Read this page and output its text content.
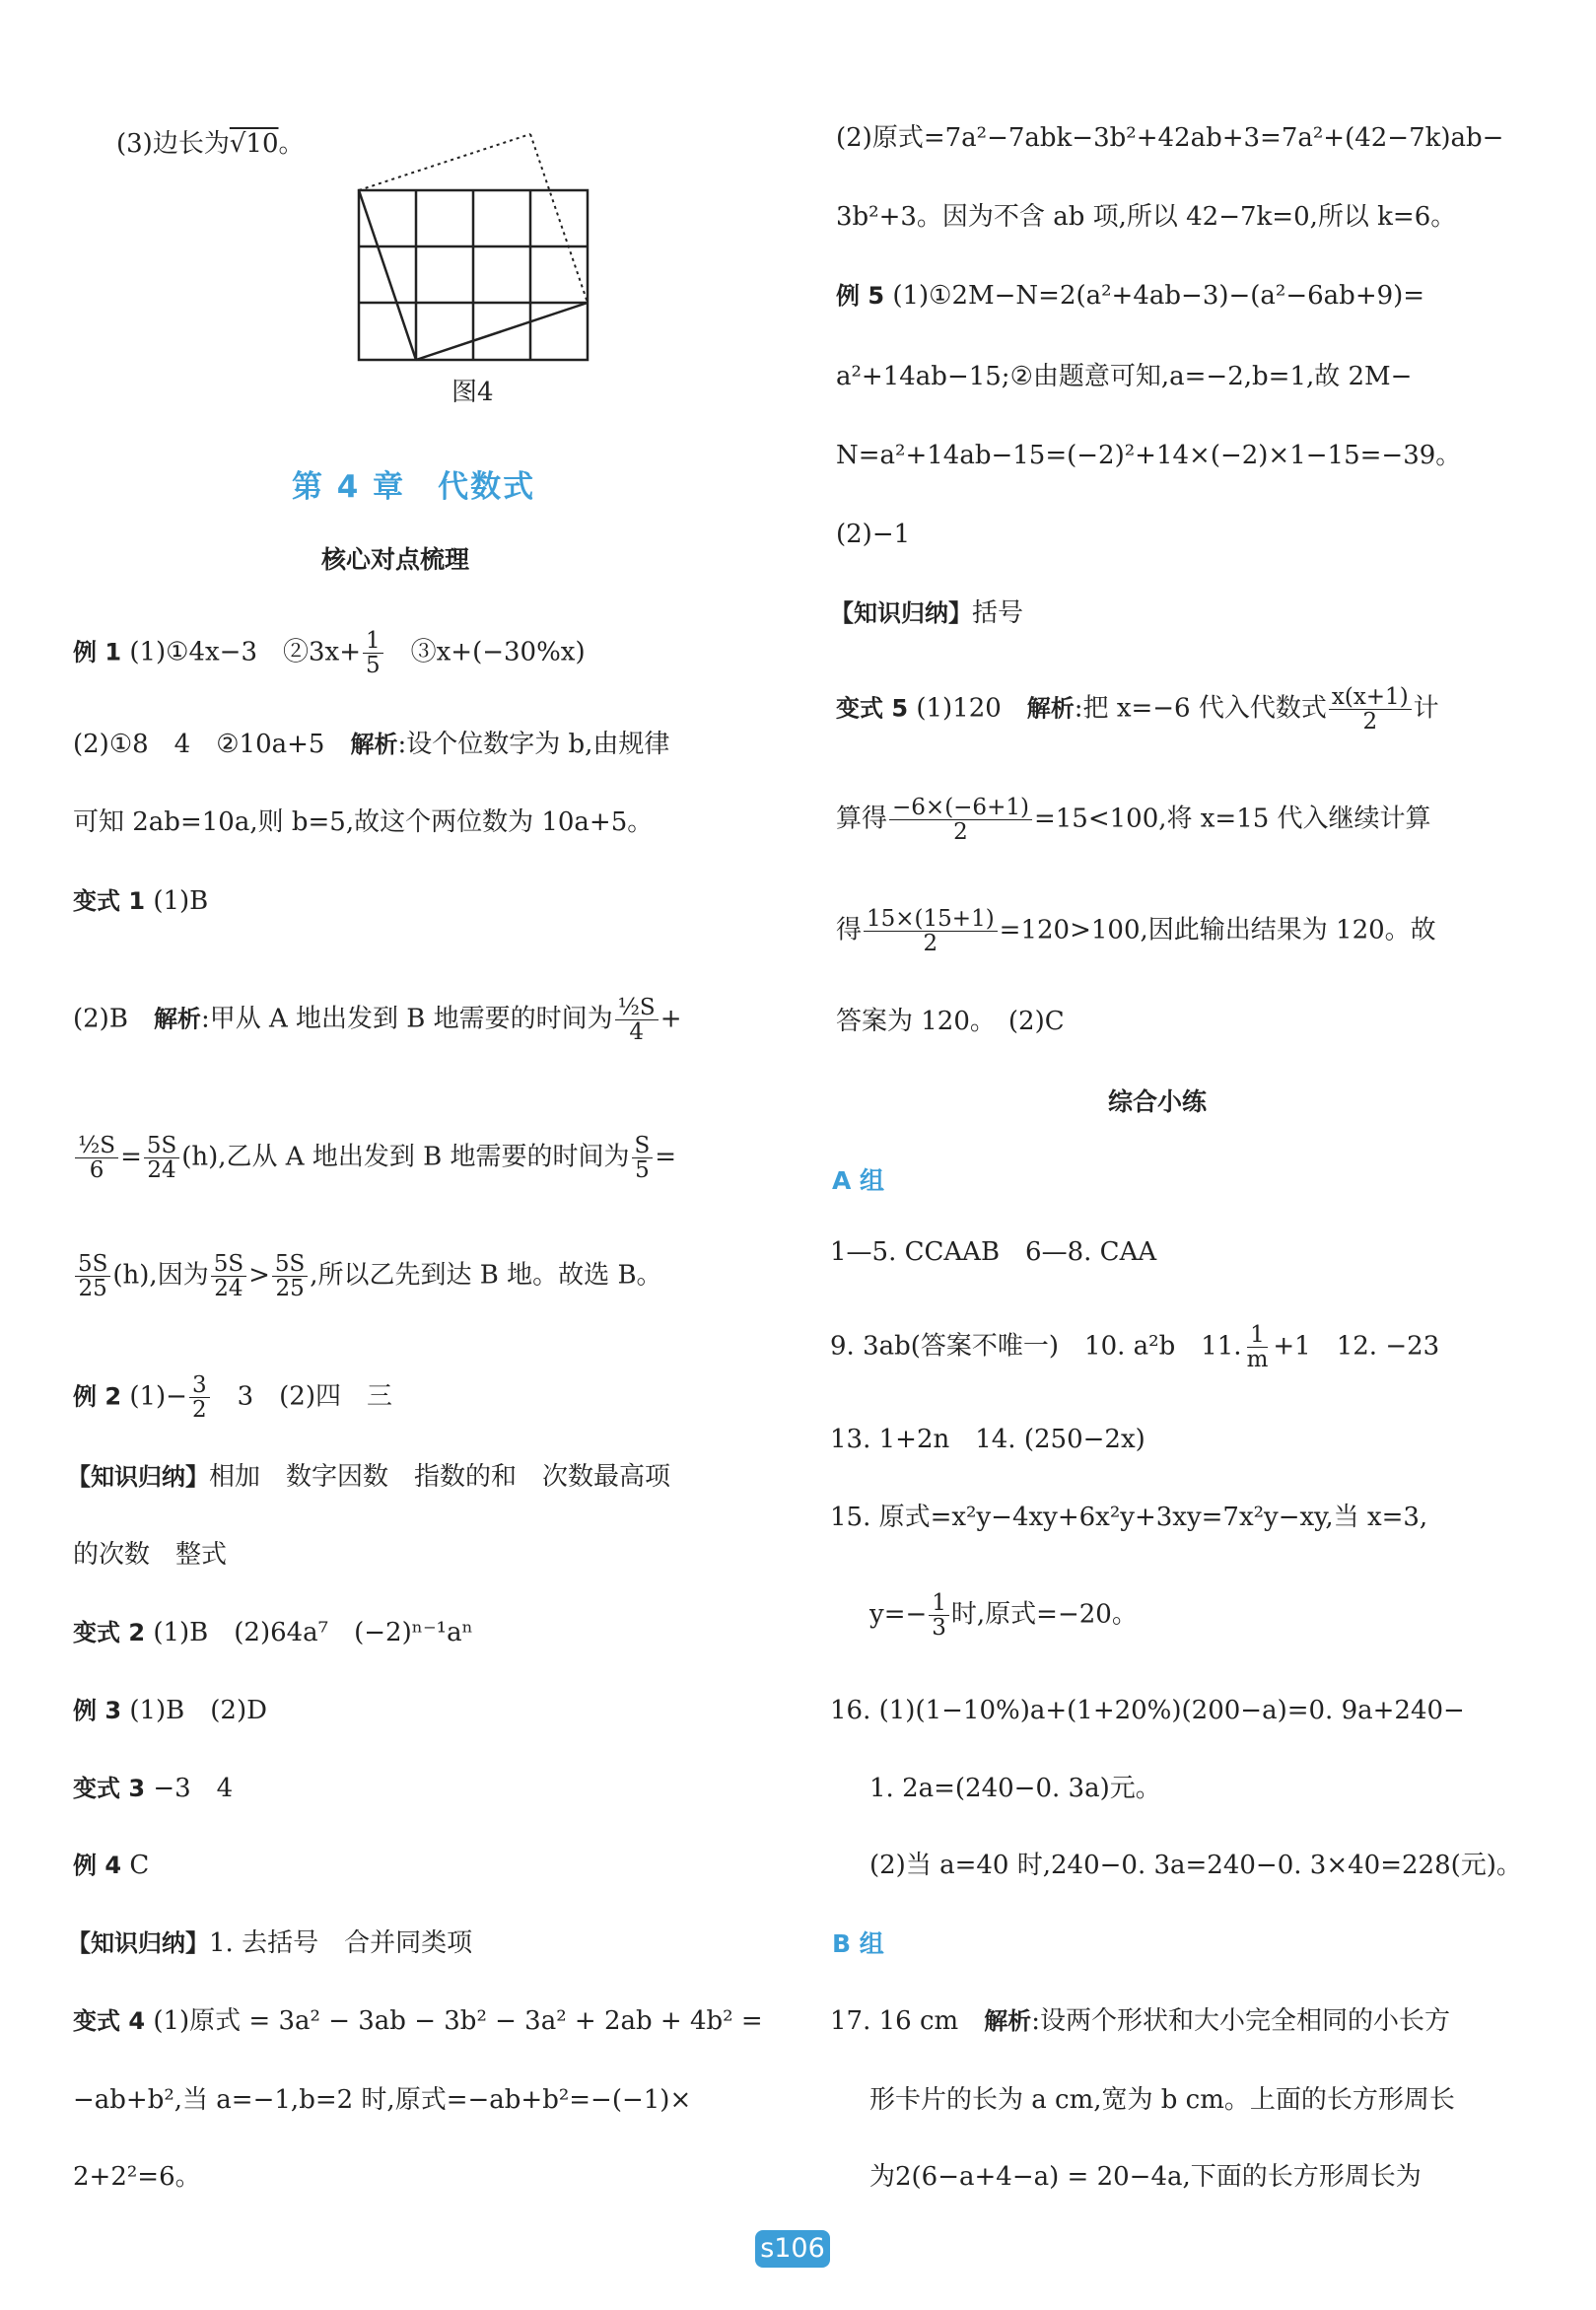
(3)边长为√10。
图4
第 4 章　代数式
核心对点梳理
例 1 (1)①4x−3　②3x+ $\frac{1}{5}$ 　③x+(−30%x)
(2)①8　4　②10a+5　解析:设个位数字为 b,由规律
可知 2ab=10a,则 b=5,故这个两位数为 10a+5。
变式 1 (1)B
(2)B　解析:甲从 A 地出发到 B 地需要的时间为 $\frac{\text{½S}}{4}$ +
$\frac{\text{½S}}{6} = \frac{5S}{24} (h)$,乙从 A 地出发到 B 地需要的时间为 $\frac{S}{5}$ =
$\frac{5S}{25} (h)$,因为 $\frac{5S}{24} > \frac{5S}{25}$ ,所以乙先到达 B 地。故选 B。
例 2 $(1)- \frac{3}{2}$ 　3　(2)四　三
【知识归纳】相加　数字因数　指数的和　次数最高项
的次数　整式
变式 2 (1)B　(2)64a⁷　(−2)ⁿ⁻¹aⁿ
例 3 (1)B　(2)D
变式 3 −3　4
例 4 C
【知识归纳】1. 去括号　合并同类项
变式 4 (1)原式 = 3a² − 3ab − 3b² − 3a² + 2ab + 4b² =
−ab+b²,当 a=−1,b=2 时,原式=−ab+b²=−(−1)×
2+2²=6。
(2)原式=7a²−7abk−3b²+42ab+3=7a²+(42−7k)ab−
3b²+3。因为不含 ab 项,所以 42−7k=0,所以 k=6。
例 5 (1)①2M−N=2(a²+4ab−3)−(a²−6ab+9)=
a²+14ab−15;②由题意可知,a=−2,b=1,故 2M−
N=a²+14ab−15=(−2)²+14×(−2)×1−15=−39。
(2)−1
【知识归纳】括号
变式 5 (1)120　解析:把 x=−6 代入代数式 $\frac{x(x+1)}{2}$ 计
算得 $\frac{-6\times(-6+1)}{2} =15<100$,将 x=15 代入继续计算
得 $\frac{15\times(15+1)}{2} =120>100$,因此输出结果为 120。故
答案为 120。　(2)C
综合小练
A 组
1—5. CCAAB　6—8. CAA
9. 3ab(答案不唯一)　10. a²b　11. $\frac{1}{m} +1$　12. −23
13. 1+2n　14. (250−2x)
15. 原式=x²y−4xy+6x²y+3xy=7x²y−xy,当 x=3,
$y=- \frac{1}{3}$ 时,原式=−20。
16. (1)(1−10%)a+(1+20%)(200−a)=0. 9a+240−
1. 2a=(240−0. 3a)元。
(2)当 a=40 时,240−0. 3a=240−0. 3×40=228(元)。
B 组
17. 16 cm　解析:设两个形状和大小完全相同的小长方
形卡片的长为 a cm,宽为 b cm。上面的长方形周长
为2(6−a+4−a) = 20−4a,下面的长方形周长为
s106
